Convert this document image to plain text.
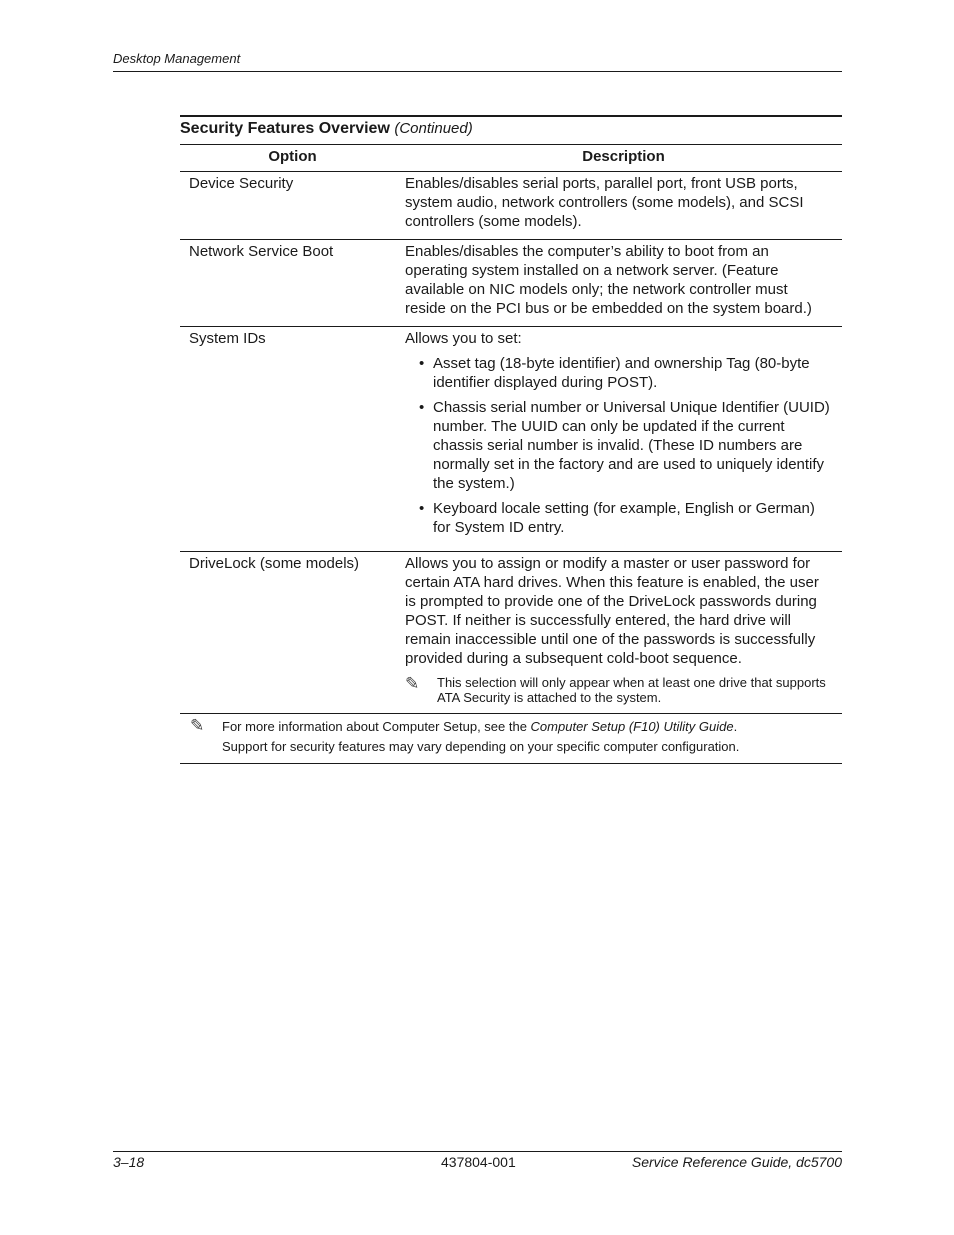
Desktop Management
Security Features Overview (Continued)
Option	Description
Device Security	Enables/disables serial ports, parallel port, front USB ports, system audio, network controllers (some models), and SCSI controllers (some models).

Network Service Boot	Enables/disables the computer’s ability to boot from an operating system installed on a network server. (Feature available on NIC models only; the network controller must reside on the PCI bus or be embedded on the system board.)

System IDs	Allows you to set:

• Asset tag (18-byte identifier) and ownership Tag (80-byte identifier displayed during POST).
• Chassis serial number or Universal Unique Identifier (UUID) number. The UUID can only be updated if the current chassis serial number is invalid. (These ID numbers are normally set in the factory and are used to uniquely identify the system.)
• Keyboard locale setting (for example, English or German) for System ID entry.
DriveLock (some models)	Allows you to assign or modify a master or user password for certain ATA hard drives. When this feature is enabled, the user is prompted to provide one of the DriveLock passwords during POST. If neither is successfully entered, the hard drive will remain inaccessible until one of the passwords is successfully provided during a subsequent cold-boot sequence.

✎	This selection will only appear when at least one drive that supports ATA Security is attached to the system.
✎	For more information about Computer Setup, see the Computer Setup (F10) Utility Guide.
Support for security features may vary depending on your specific computer configuration.
3–18	437804-001	Service Reference Guide, dc5700
